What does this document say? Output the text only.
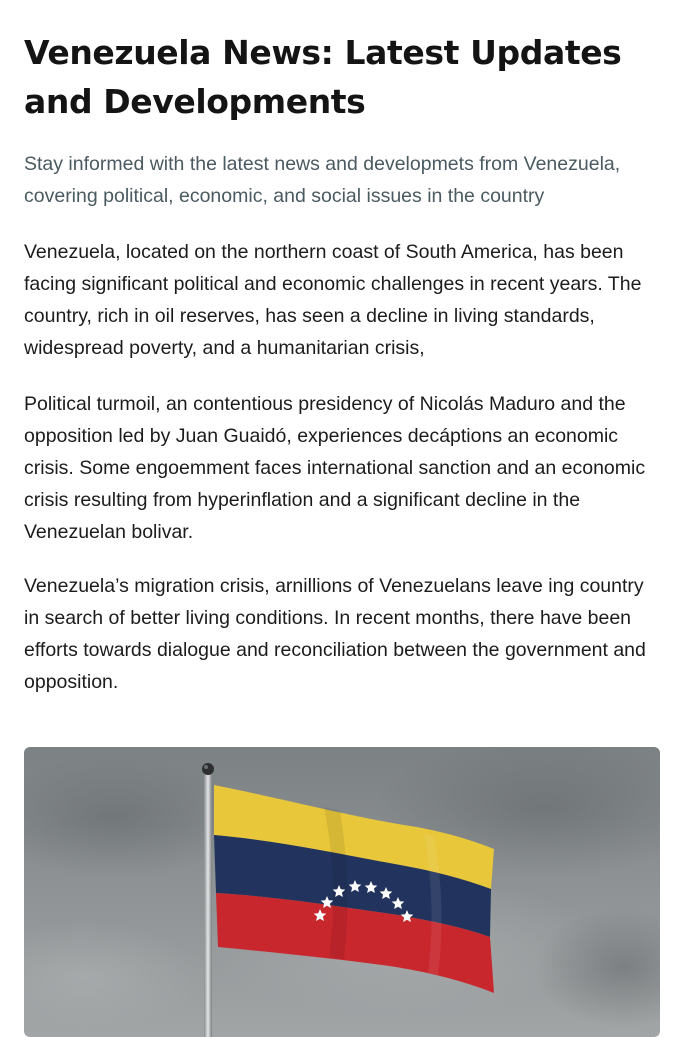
Venezuela News: Latest Updates and Developments

Stay informed with the latest news and developmets from Venezuela, covering political, economic, and social issues in the country

Venezuela, located on the northern coast of South America, has been facing significant political and economic challenges in recent years. The country, rich in oil reserves, has seen a decline in living standards, widespread poverty, and a humanitarian crisis,

Political turmoil, an contentious presidency of Nicolás Maduro and the opposition led by Juan Guaidó, experiences decáptions an economic crisis. Some engoemment faces international sanction and an economic crisis resulting from hyperinflation and a significant decline in the Venezuelan bolivar.

Venezuela’s migration crisis, arnillions of Venezuelans leave ing country in search of better living conditions. In recent months, there have been efforts towards dialogue and reconciliation between the government and opposition.
